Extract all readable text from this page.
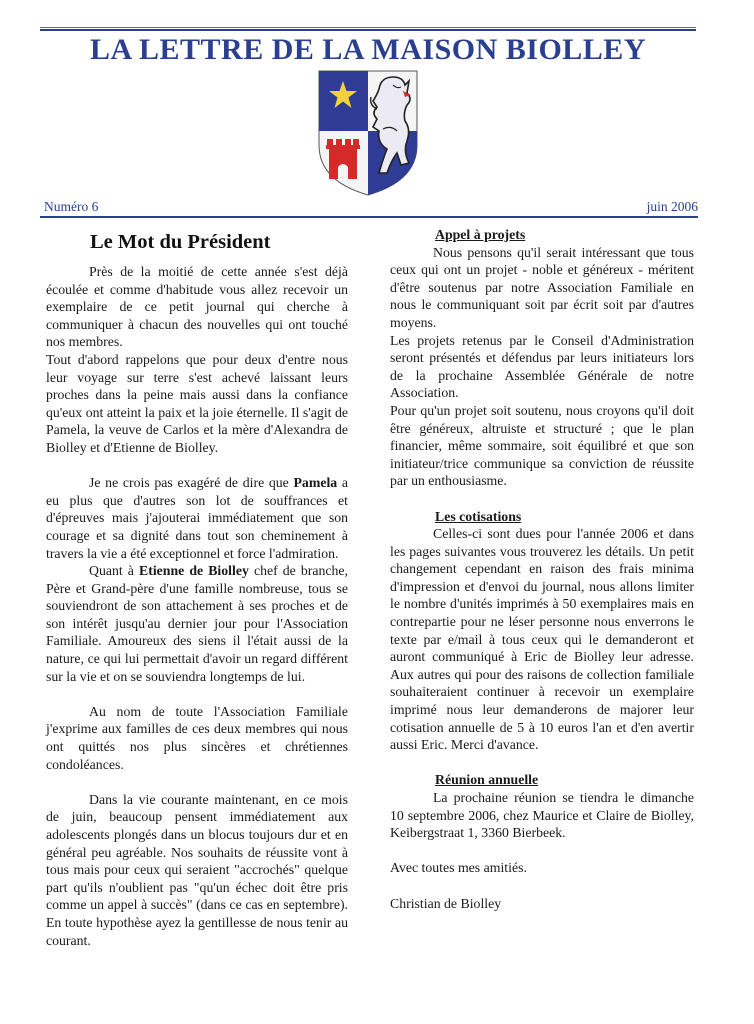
LA LETTRE DE LA MAISON BIOLLEY
Numéro 6	juin 2006
Le Mot du Président

Près de la moitié de cette année s'est déjà écoulée et comme d'habitude vous allez recevoir un exemplaire de ce petit journal qui cherche à communiquer à chacun des nouvelles qui ont touché nos membres.

Tout d'abord rappelons que pour deux d'entre nous leur voyage sur terre s'est achevé laissant leurs proches dans la peine mais aussi dans la confiance qu'eux ont atteint la paix et la joie éternelle. Il s'agit de Pamela, la veuve de Carlos et la mère d'Alexandra de Biolley et d'Etienne de Biolley.

Je ne crois pas exagéré de dire que Pamela a eu plus que d'autres son lot de souffrances et d'épreuves mais j'ajouterai immédiatement que son courage et sa dignité dans tout son cheminement à travers la vie a été exceptionnel et force l'admiration.

Quant à Etienne de Biolley chef de branche, Père et Grand-père d'une famille nombreuse, tous se souviendront de son attachement à ses proches et de son intérêt jusqu'au dernier jour pour l'Association Familiale. Amoureux des siens il l'était aussi de la nature, ce qui lui permettait d'avoir un regard différent sur la vie et on se souviendra longtemps de lui.

Au nom de toute l'Association Familiale j'exprime aux familles de ces deux membres qui nous ont quittés nos plus sincères et chrétiennes condoléances.

Dans la vie courante maintenant, en ce mois de juin, beaucoup pensent immédiatement aux adolescents plongés dans un blocus toujours dur et en général peu agréable. Nos souhaits de réussite vont à tous mais pour ceux qui seraient "accrochés" quelque part qu'ils n'oublient pas "qu'un échec doit être pris comme un appel à succès" (dans ce cas en septembre). En toute hypothèse ayez la gentillesse de nous tenir au courant.

Appel à projets

Nous pensons qu'il serait intéressant que tous ceux qui ont un projet - noble et généreux - méritent d'être soutenus par notre Association Familiale en nous le communiquant soit par écrit soit par d'autres moyens.

Les projets retenus par le Conseil d'Administration seront présentés et défendus par leurs initiateurs lors de la prochaine Assemblée Générale de notre Association.

Pour qu'un projet soit soutenu, nous croyons qu'il doit être généreux, altruiste et structuré ; que le plan financier, même sommaire, soit équilibré et que son initiateur/trice communique sa conviction de réussite par un enthousiasme.

Les cotisations

Celles-ci sont dues pour l'année 2006 et dans les pages suivantes vous trouverez les détails. Un petit changement cependant en raison des frais minima d'impression et d'envoi du journal, nous allons limiter le nombre d'unités imprimés à 50 exemplaires mais en contrepartie pour ne léser personne nous enverrons le texte par e/mail à tous ceux qui le demanderont et auront communiqué à Eric de Biolley leur adresse. Aux autres qui pour des raisons de collection familiale souhaiteraient continuer à recevoir un exemplaire imprimé nous leur demanderons de majorer leur cotisation annuelle de 5 à 10 euros l'an et d'en avertir aussi Eric. Merci d'avance.

Réunion annuelle

La prochaine réunion se tiendra le dimanche 10 septembre 2006, chez Maurice et Claire de Biolley, Keibergstraat 1, 3360 Bierbeek.

Avec toutes mes amitiés.

Christian de Biolley
